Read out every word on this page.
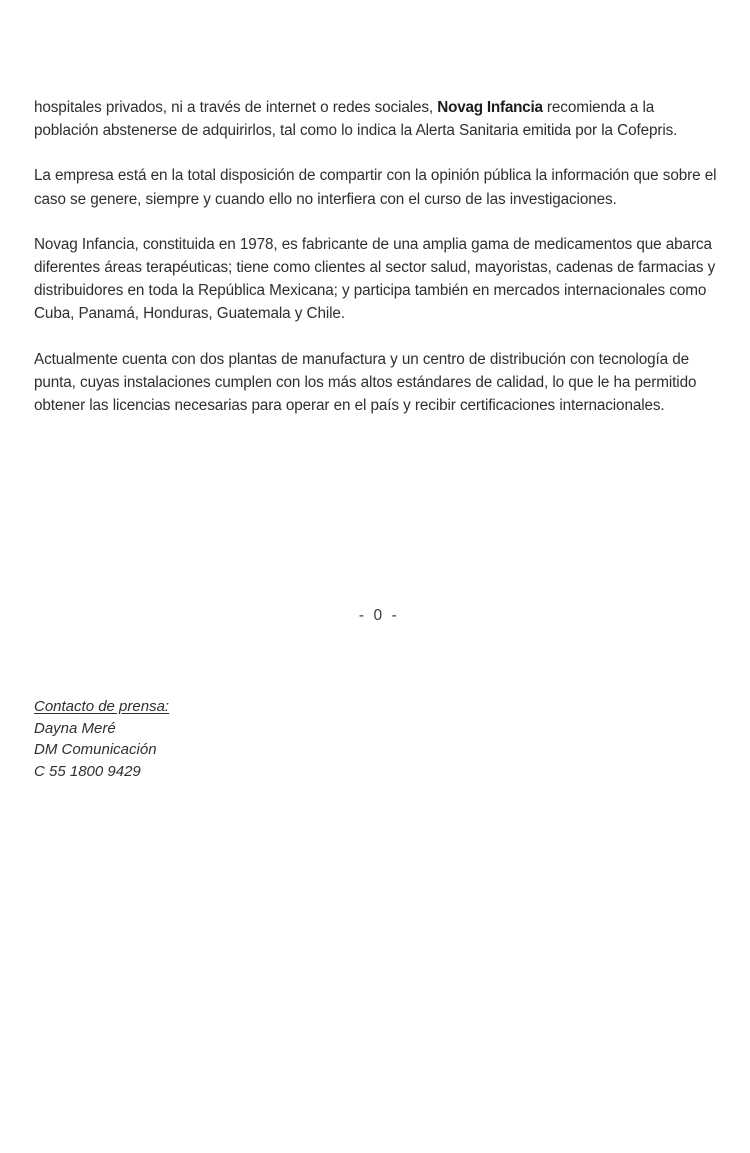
hospitales privados, ni a través de internet o redes sociales, Novag Infancia recomienda a la población abstenerse de adquirirlos, tal como lo indica la Alerta Sanitaria emitida por la Cofepris.

La empresa está en la total disposición de compartir con la opinión pública la información que sobre el caso se genere, siempre y cuando ello no interfiera con el curso de las investigaciones.

Novag Infancia, constituida en 1978, es fabricante de una amplia gama de medicamentos que abarca diferentes áreas terapéuticas; tiene como clientes al sector salud, mayoristas, cadenas de farmacias y distribuidores en toda la República Mexicana; y participa también en mercados internacionales como Cuba, Panamá, Honduras, Guatemala y Chile.

Actualmente cuenta con dos plantas de manufactura y un centro de distribución con tecnología de punta, cuyas instalaciones cumplen con los más altos estándares de calidad, lo que le ha permitido obtener las licencias necesarias para operar en el país y recibir certificaciones internacionales.

- 0 -
Contacto de prensa:
Dayna Meré
DM Comunicación
C 55 1800 9429
